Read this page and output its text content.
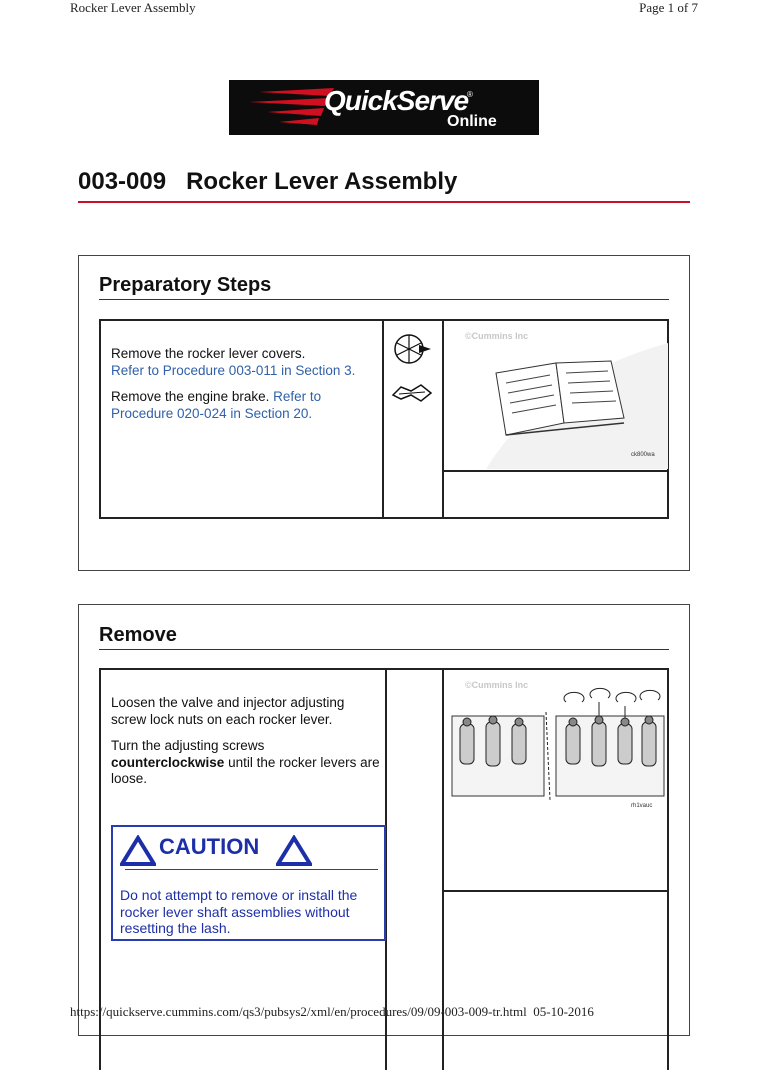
Rocker Lever Assembly	Page 1 of 7
QuickServe
®
Online
003-009 Rocker Lever Assembly
Preparatory Steps

Remove the rocker lever covers.
Refer to Procedure 003-011 in Section 3.

Remove the engine brake. Refer to Procedure 020-024 in Section 20.

©Cummins Inc
ck800wa
Remove

Loosen the valve and injector adjusting screw lock nuts on each rocker lever.

Turn the adjusting screws
counterclockwise until the rocker levers are loose.

CAUTION
Do not attempt to remove or install the rocker lever shaft assemblies without resetting the lash.
©Cummins Inc
rh1vauc
https://quickserve.cummins.com/qs3/pubsys2/xml/en/procedures/09/09-003-009-tr.html 05-10-2016
